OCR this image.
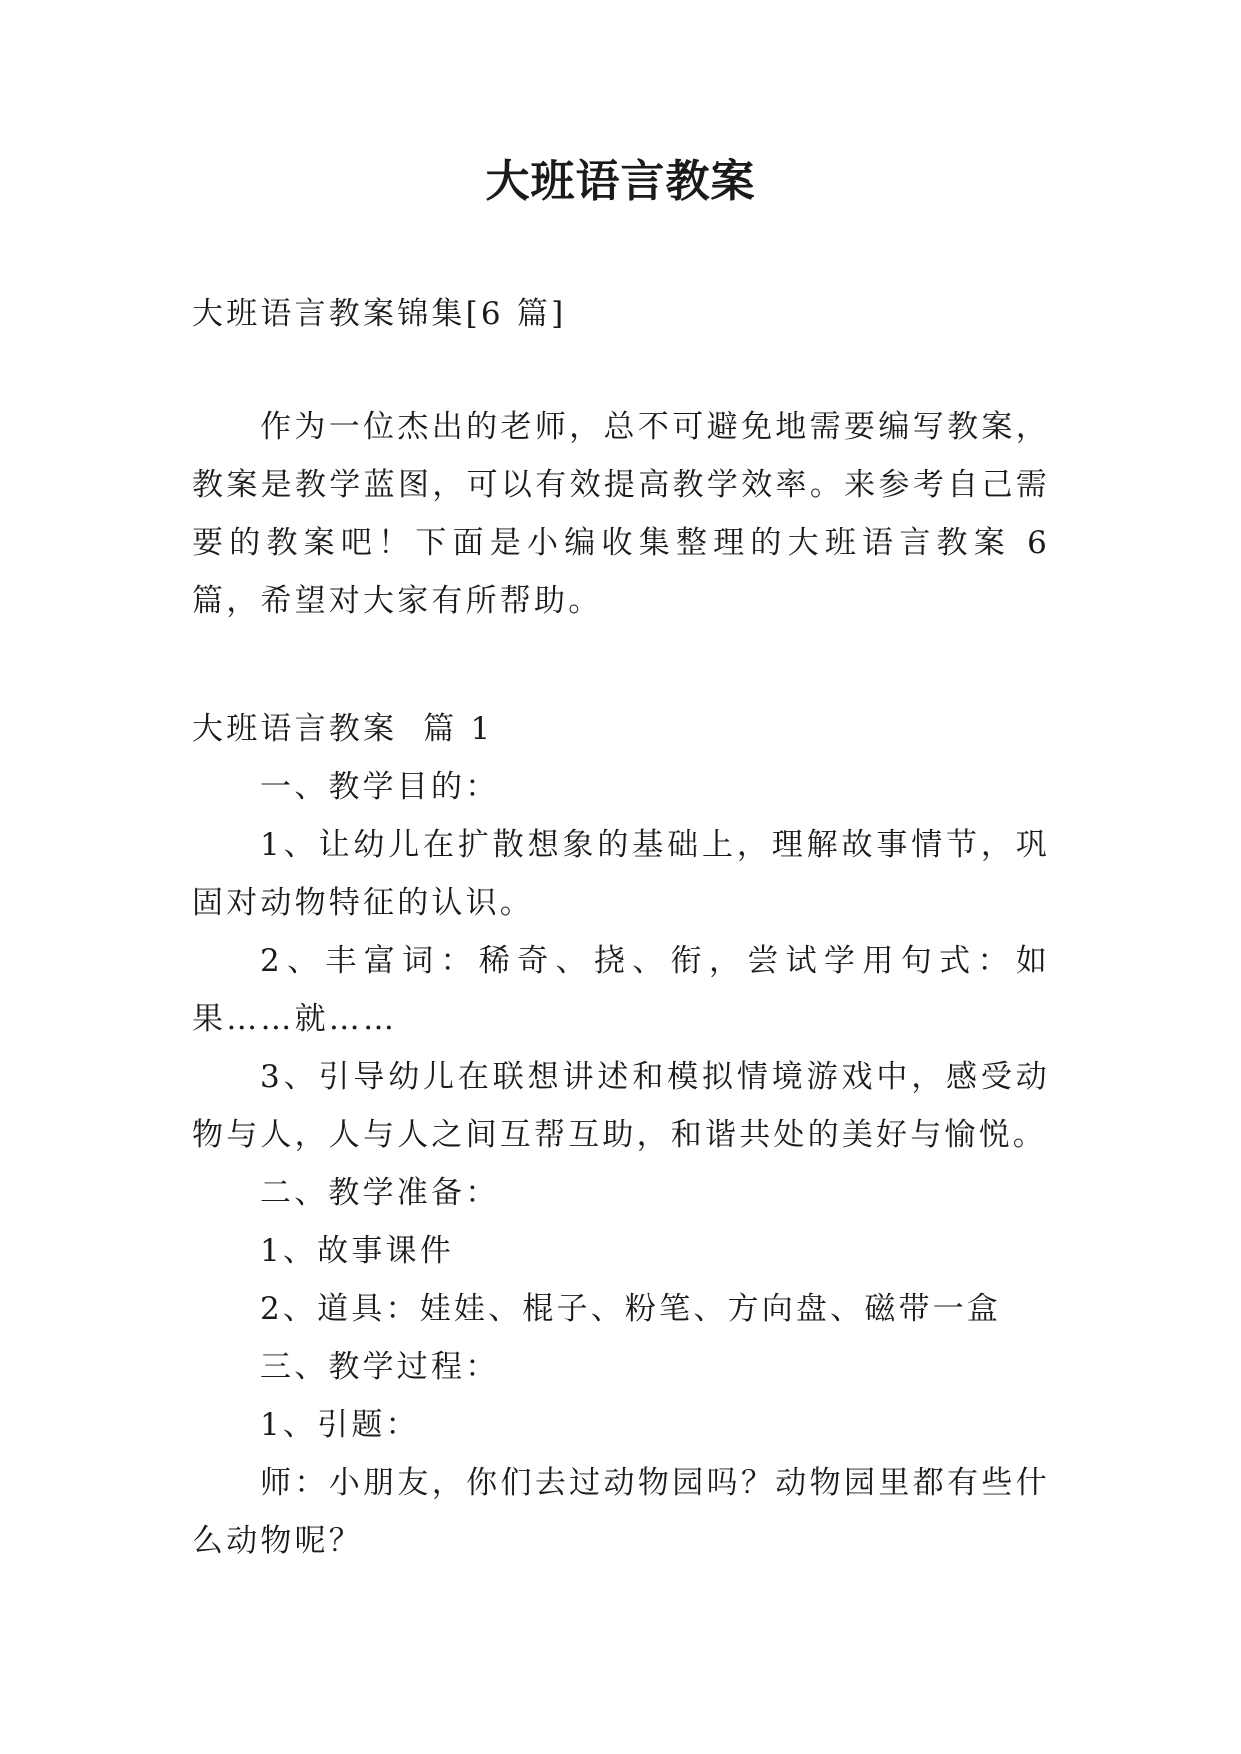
大班语言教案

大班语言教案锦集[6 篇]

作为一位杰出的老师，总不可避免地需要编写教案，教案是教学蓝图，可以有效提高教学效率。来参考自己需要的教案吧！下面是小编收集整理的大班语言教案 6 篇，希望对大家有所帮助。

大班语言教案  篇 1

一、教学目的：

1、让幼儿在扩散想象的基础上，理解故事情节，巩固对动物特征的认识。

2、丰富词：稀奇、挠、衔，尝试学用句式：如果……就……

3、引导幼儿在联想讲述和模拟情境游戏中，感受动物与人，人与人之间互帮互助，和谐共处的美好与愉悦。

二、教学准备：

1、故事课件

2、道具：娃娃、棍子、粉笔、方向盘、磁带一盒

三、教学过程：

1、引题：

师：小朋友，你们去过动物园吗？动物园里都有些什么动物呢？
